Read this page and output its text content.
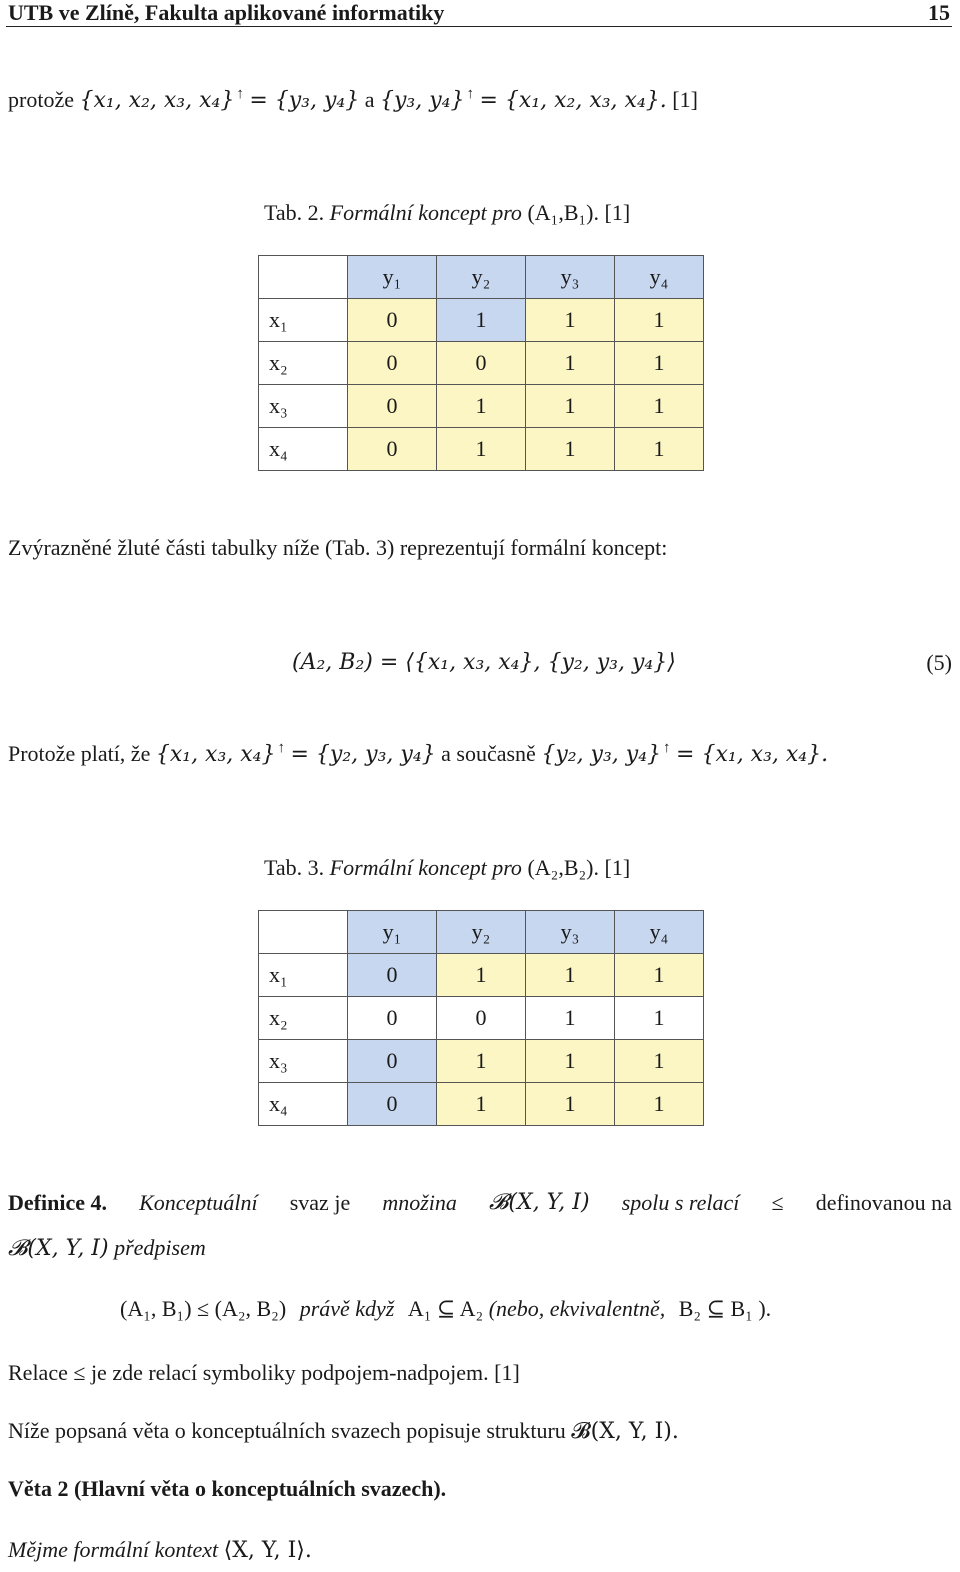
UTB ve Zlíně, Fakulta aplikované informatiky	15
protože {x₁, x₂, x₃, x₄} ↑ = {y₃, y₄} a {y₃, y₄} ↑ = {x₁, x₂, x₃, x₄}. [1]
Tab. 2. Formální koncept pro (A₁,B₁). [1]
	y₁	y₂	y₃	y₄
x₁	0	1	1	1
x₂	0	0	1	1
x₃	0	1	1	1
x₄	0	1	1	1
Zvýrazněné žluté části tabulky níže (Tab. 3) reprezentují formální koncept:
(A₂, B₂) = ⟨{x₁, x₃, x₄}, {y₂, y₃, y₄}⟩	(5)
Protože platí, že {x₁, x₃, x₄} ↑ = {y₂, y₃, y₄} a současně {y₂, y₃, y₄} ↑ = {x₁, x₃, x₄}.
Tab. 3. Formální koncept pro (A₂,B₂). [1]
	y₁	y₂	y₃	y₄
x₁	0	1	1	1
x₂	0	0	1	1
x₃	0	1	1	1
x₄	0	1	1	1
Definice 4. Konceptuální svaz je množina 𝓑(X, Y, I) spolu s relací ≤ definovanou na
𝓑(X, Y, I) předpisem
(A₁, B₁) ≤ (A₂, B₂) právě když A₁ ⊆ A₂ (nebo, ekvivalentně, B₂ ⊆ B₁ ).
Relace ≤ je zde relací symboliky podpojem-nadpojem. [1]
Níže popsaná věta o konceptuálních svazech popisuje strukturu 𝓑(X, Y, I).
Věta 2 (Hlavní věta o konceptuálních svazech).
Mějme formální kontext ⟨X, Y, I⟩.
